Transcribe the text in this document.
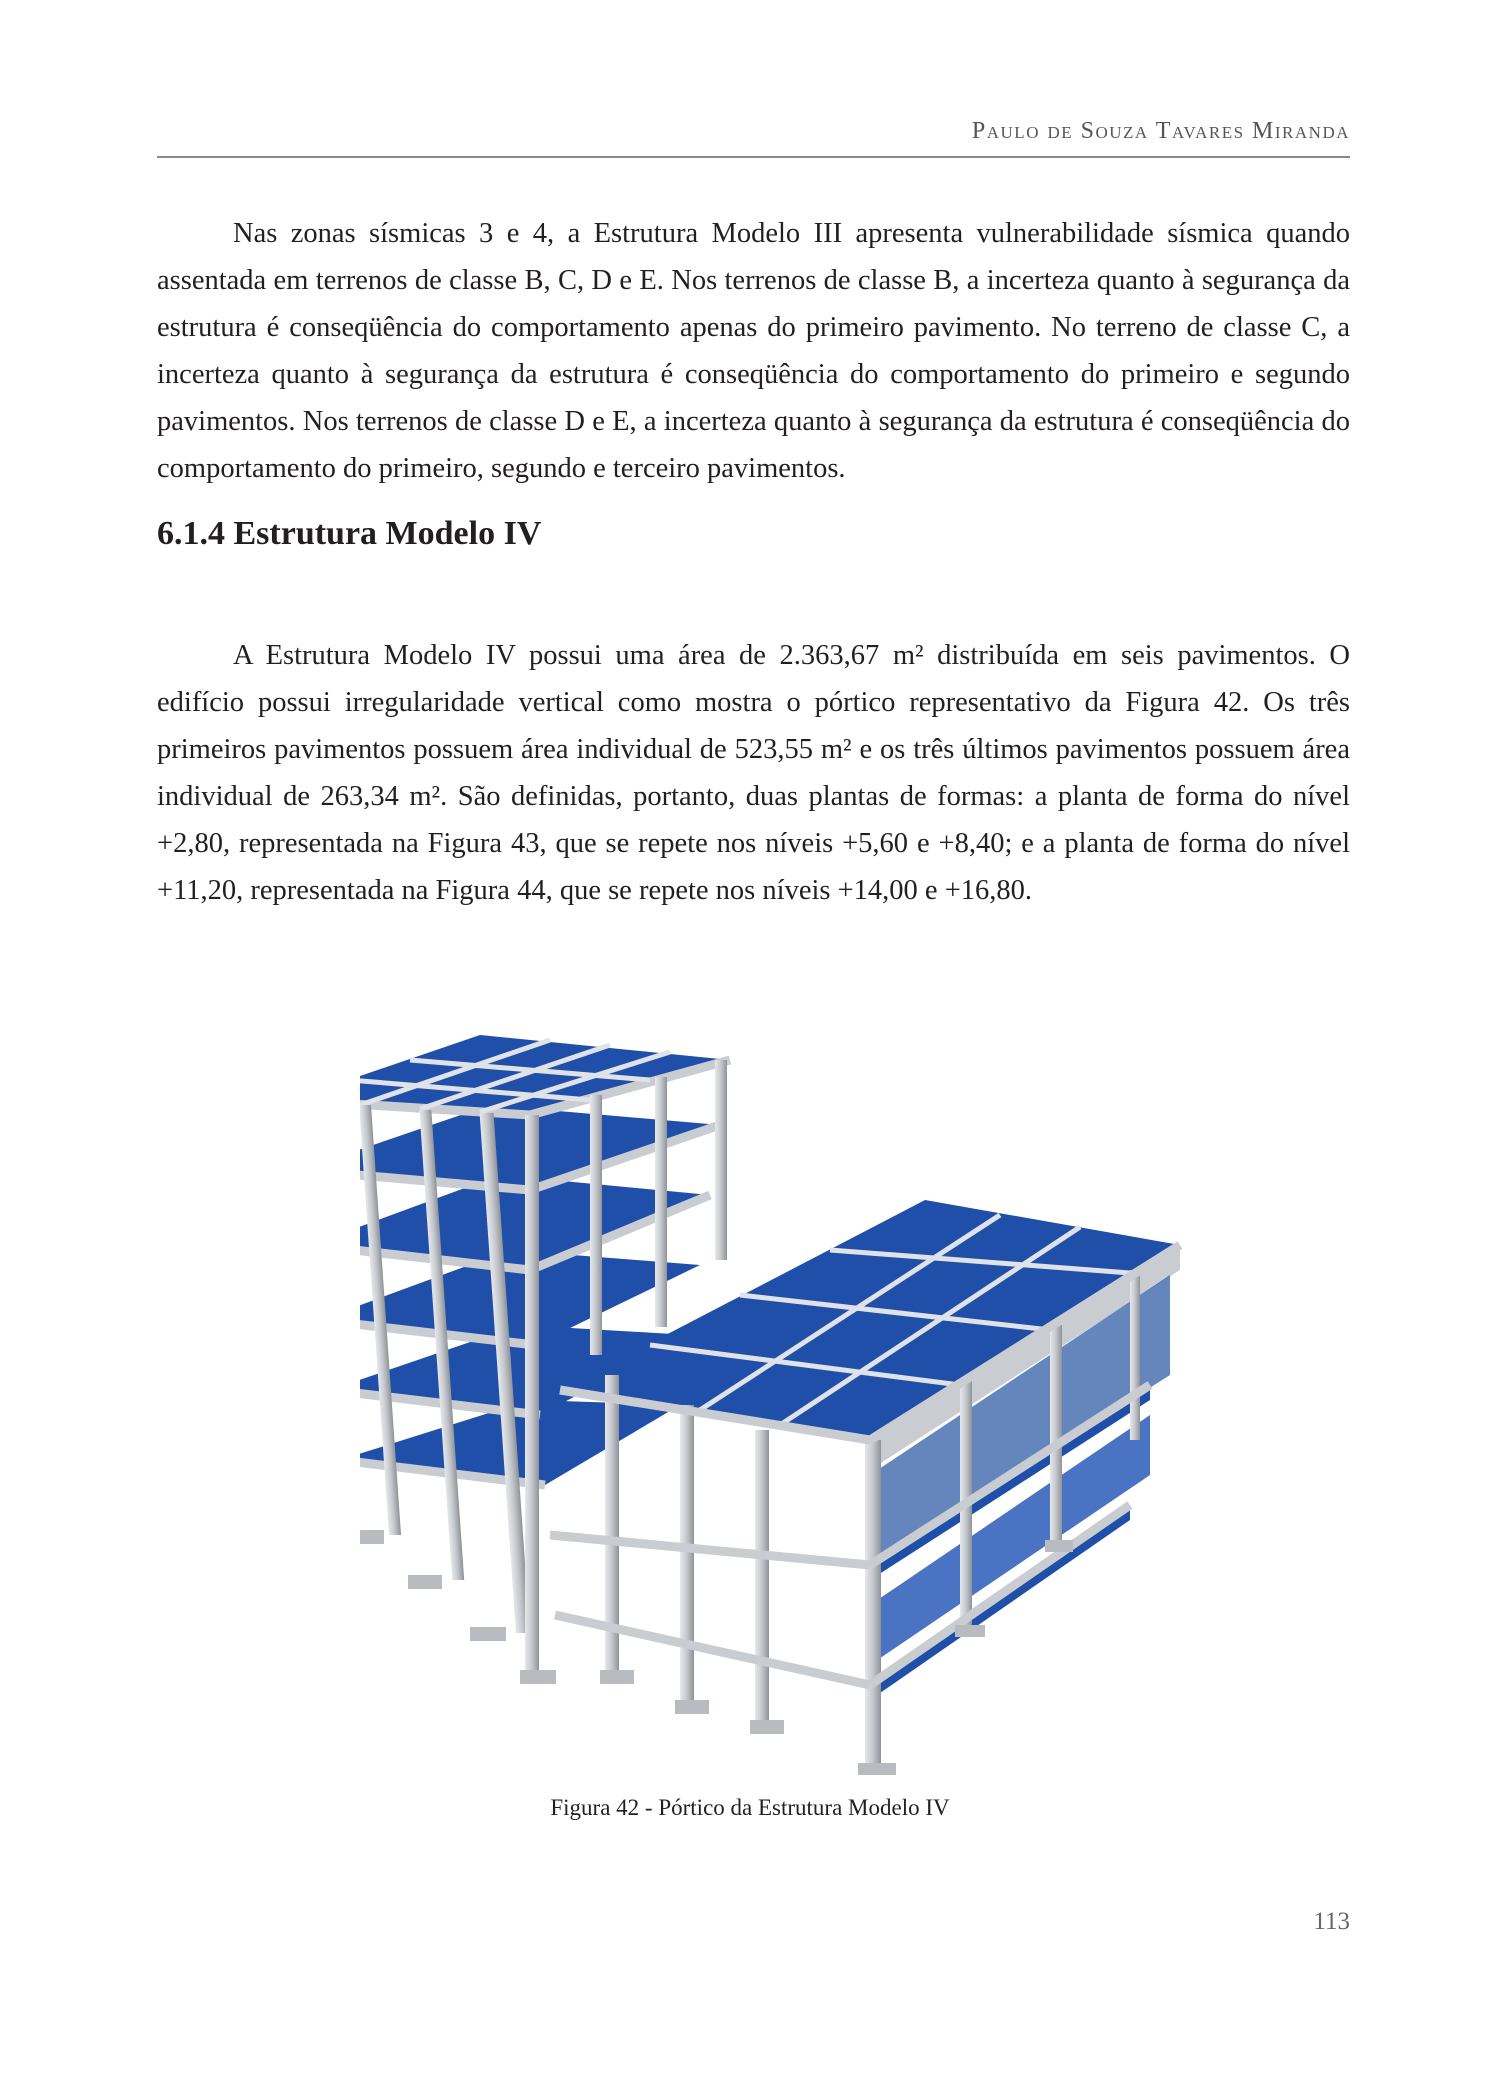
Paulo de Souza Tavares Miranda

Nas zonas sísmicas 3 e 4, a Estrutura Modelo III apresenta vulnerabilidade sísmica quando assentada em terrenos de classe B, C, D e E. Nos terrenos de classe B, a incerteza quanto à segurança da estrutura é conseqüência do comportamento apenas do primeiro pavimento. No terreno de classe C, a incerteza quanto à segurança da estrutura é conseqüência do comportamento do primeiro e segundo pavimentos. Nos terrenos de classe D e E, a incerteza quanto à segurança da estrutura é conseqüência do comportamento do primeiro, segundo e terceiro pavimentos.

6.1.4 Estrutura Modelo IV

A Estrutura Modelo IV possui uma área de 2.363,67 m² distribuída em seis pavimentos. O edifício possui irregularidade vertical como mostra o pórtico representativo da Figura 42. Os três primeiros pavimentos possuem área individual de 523,55 m² e os três últimos pavimentos possuem área individual de 263,34 m². São definidas, portanto, duas plantas de formas: a planta de forma do nível +2,80, representada na Figura 43, que se repete nos níveis +5,60 e +8,40; e a planta de forma do nível +11,20, representada na Figura 44, que se repete nos níveis +14,00 e +16,80.

Figura 42 - Pórtico da Estrutura Modelo IV
113
